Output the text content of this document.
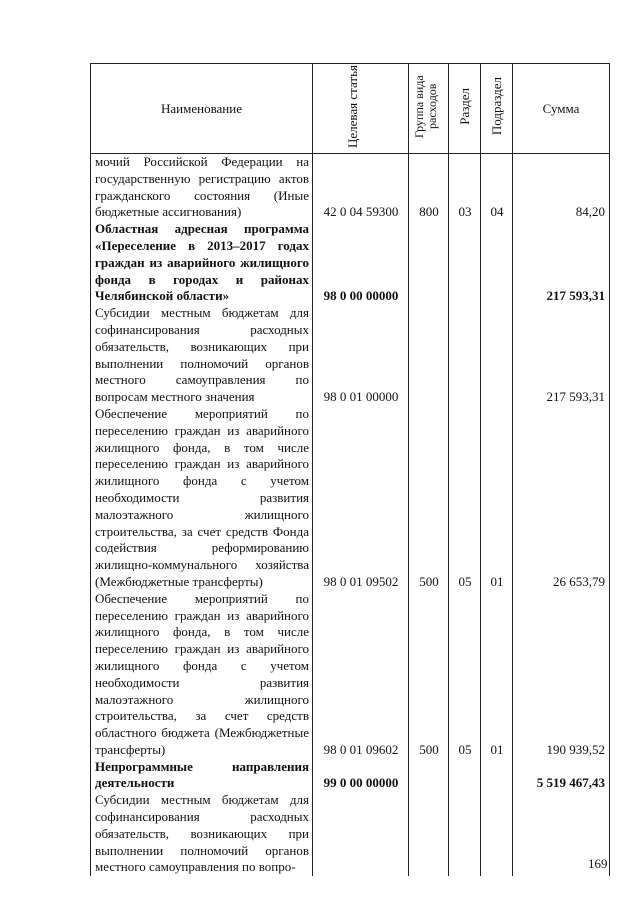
Наименование	Целевая статья	Группа вида расходов	Раздел	Подраздел	Сумма
мочий Российской Федерации на государственную регистрацию актов гражданского состояния (Иные бюджетные ассигнования)	42 0 04 59300	800	03	04	84,20
Областная адресная программа «Переселение в 2013–2017 годах граждан из аварийного жилищного фонда в городах и районах Челябинской области»	98 0 00 00000				217 593,31
Субсидии местным бюджетам для софинансирования расходных обязательств, возникающих при выполнении полномочий органов местного самоуправления по вопросам местного значения	98 0 01 00000				217 593,31
Обеспечение мероприятий по переселению граждан из аварийного жилищного фонда, в том числе переселению граждан из аварийного жилищного фонда с учетом необходимости развития малоэтажного жилищного строительства, за счет средств Фонда содействия реформированию жилищно-коммунального хозяйства (Межбюджетные трансферты)	98 0 01 09502	500	05	01	26 653,79
Обеспечение мероприятий по переселению граждан из аварийного жилищного фонда, в том числе переселению граждан из аварийного жилищного фонда с учетом необходимости развития малоэтажного жилищного строительства, за счет средств областного бюджета (Межбюджетные трансферты)	98 0 01 09602	500	05	01	190 939,52
Непрограммные направления деятельности	99 0 00 00000				5 519 467,43
Субсидии местным бюджетам для софинансирования расходных обязательств, возникающих при выполнении полномочий органов местного самоуправления по вопро-						169
